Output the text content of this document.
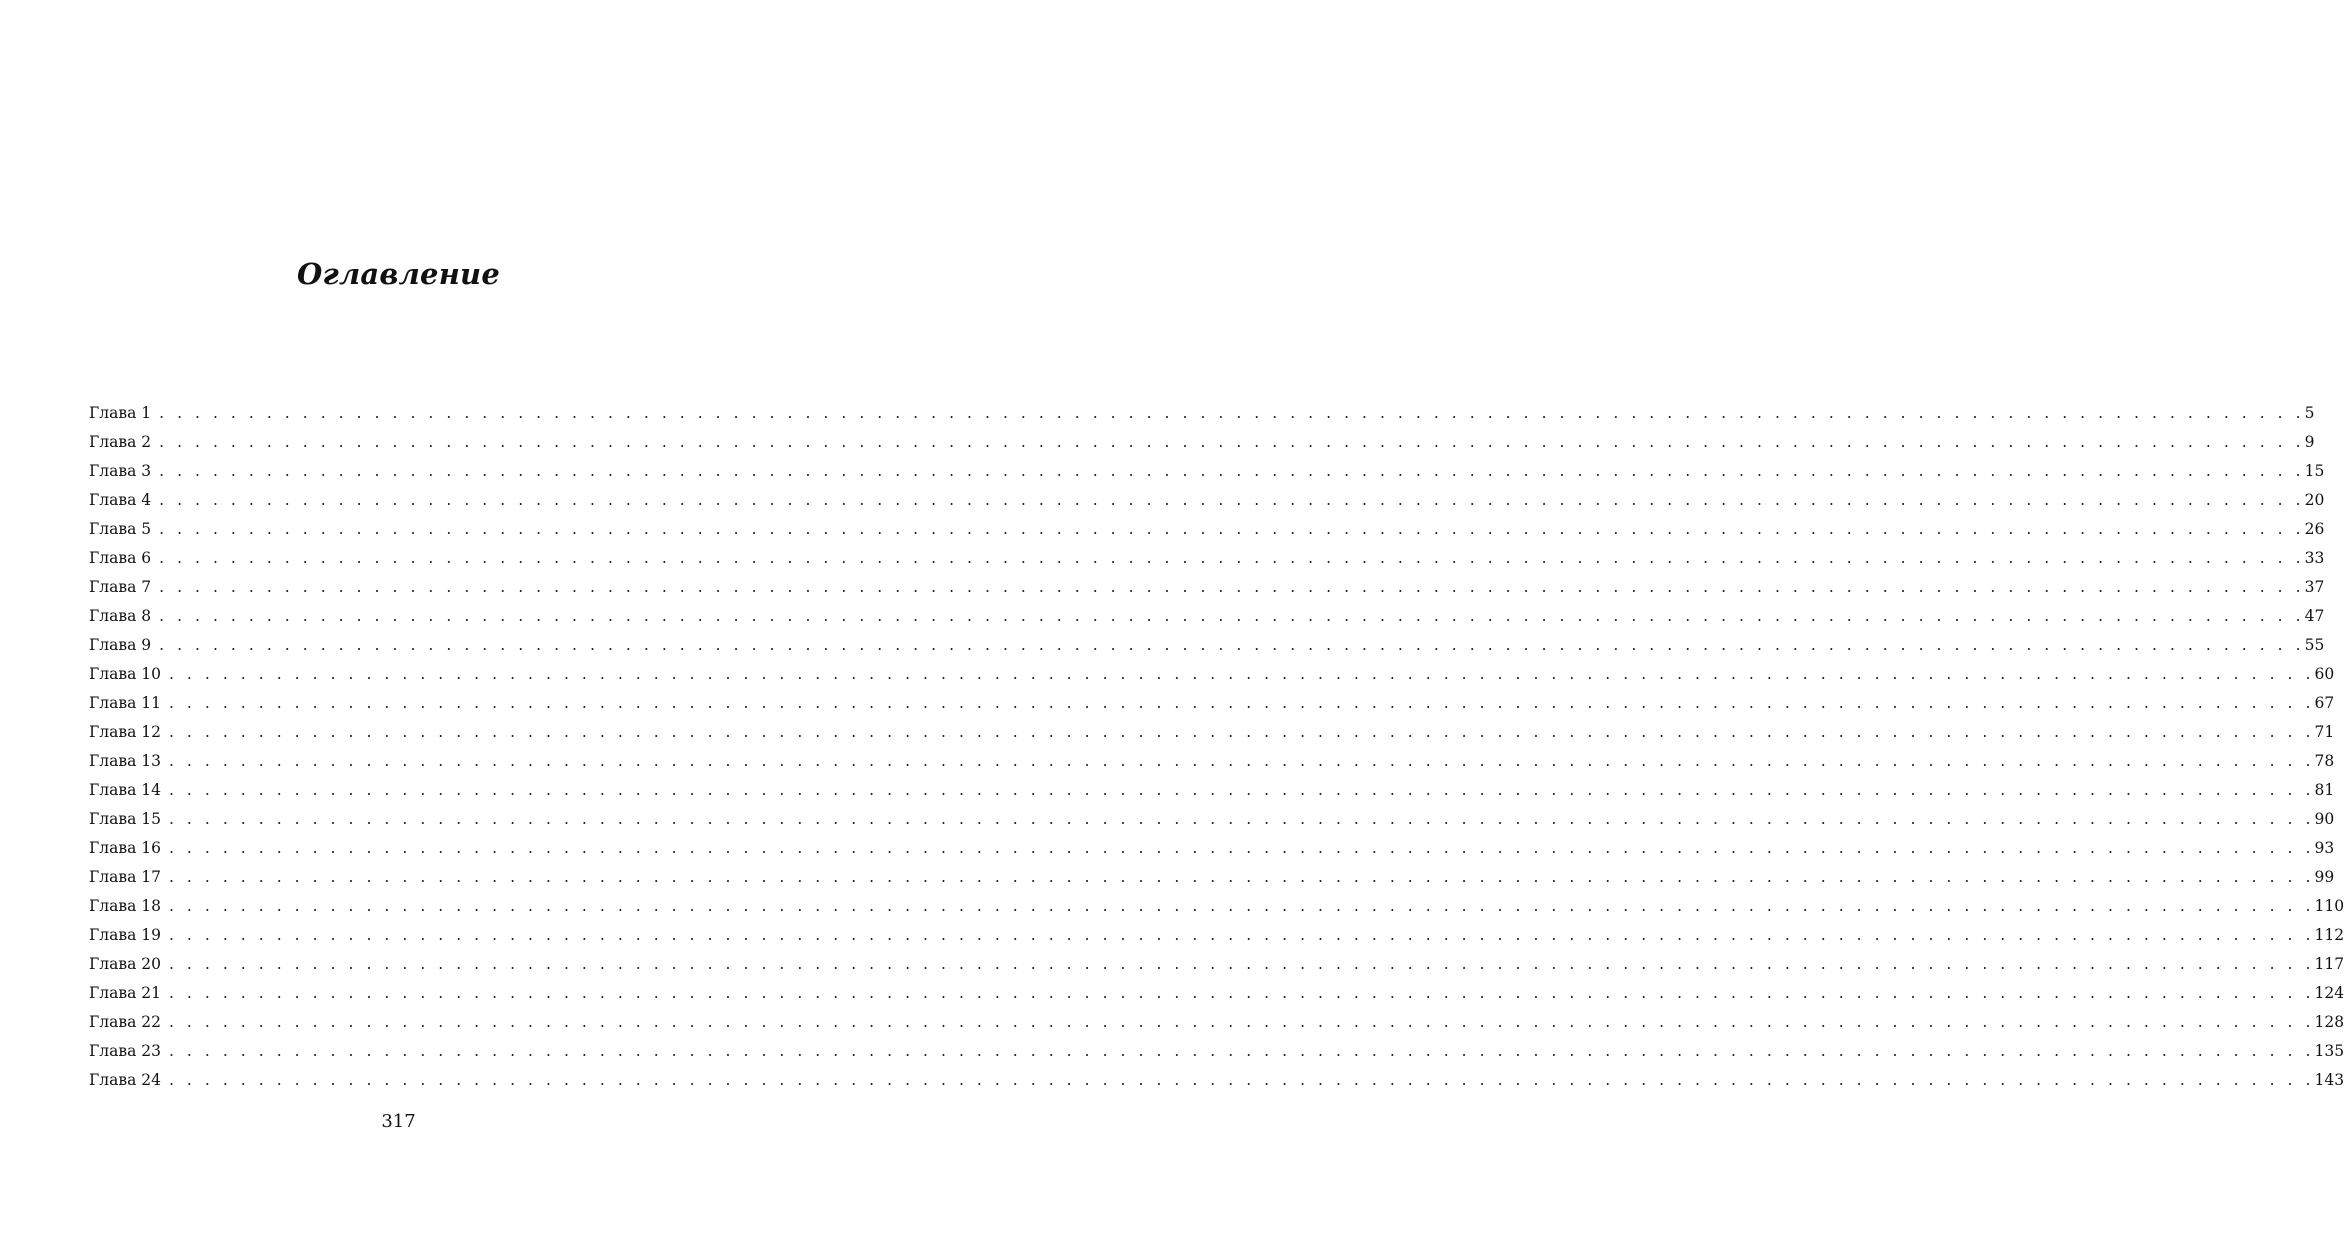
Оглавление
Глава 1 . . . . . . . . . . . . . . . . . . . . . . . . . . . . . . . . . . . . . . . . . . . . . . . . . . . . . . . . . . . . . . . . . . . . . . . . . . . . . . . . . . . . . . . . . . . . . . . . . . . . . . . . . . . . . . . . . . . . . . . . 5
Глава 2 . . . . . . . . . . . . . . . . . . . . . . . . . . . . . . . . . . . . . . . . . . . . . . . . . . . . . . . . . . . . . . . . . . . . . . . . . . . . . . . . . . . . . . . . . . . . . . . . . . . . . . . . . . . . . . . . . . . . . . . . 9
Глава 3 . . . . . . . . . . . . . . . . . . . . . . . . . . . . . . . . . . . . . . . . . . . . . . . . . . . . . . . . . . . . . . . . . . . . . . . . . . . . . . . . . . . . . . . . . . . . . . . . . . . . . . . . . . . . . . . . . . . . . . . . 15
Глава 4 . . . . . . . . . . . . . . . . . . . . . . . . . . . . . . . . . . . . . . . . . . . . . . . . . . . . . . . . . . . . . . . . . . . . . . . . . . . . . . . . . . . . . . . . . . . . . . . . . . . . . . . . . . . . . . . . . . . . . . . . 20
Глава 5 . . . . . . . . . . . . . . . . . . . . . . . . . . . . . . . . . . . . . . . . . . . . . . . . . . . . . . . . . . . . . . . . . . . . . . . . . . . . . . . . . . . . . . . . . . . . . . . . . . . . . . . . . . . . . . . . . . . . . . . . 26
Глава 6 . . . . . . . . . . . . . . . . . . . . . . . . . . . . . . . . . . . . . . . . . . . . . . . . . . . . . . . . . . . . . . . . . . . . . . . . . . . . . . . . . . . . . . . . . . . . . . . . . . . . . . . . . . . . . . . . . . . . . . . . 33
Глава 7 . . . . . . . . . . . . . . . . . . . . . . . . . . . . . . . . . . . . . . . . . . . . . . . . . . . . . . . . . . . . . . . . . . . . . . . . . . . . . . . . . . . . . . . . . . . . . . . . . . . . . . . . . . . . . . . . . . . . . . . . 37
Глава 8 . . . . . . . . . . . . . . . . . . . . . . . . . . . . . . . . . . . . . . . . . . . . . . . . . . . . . . . . . . . . . . . . . . . . . . . . . . . . . . . . . . . . . . . . . . . . . . . . . . . . . . . . . . . . . . . . . . . . . . . . 47
Глава 9 . . . . . . . . . . . . . . . . . . . . . . . . . . . . . . . . . . . . . . . . . . . . . . . . . . . . . . . . . . . . . . . . . . . . . . . . . . . . . . . . . . . . . . . . . . . . . . . . . . . . . . . . . . . . . . . . . . . . . . . . 55
Глава 10 . . . . . . . . . . . . . . . . . . . . . . . . . . . . . . . . . . . . . . . . . . . . . . . . . . . . . . . . . . . . . . . . . . . . . . . . . . . . . . . . . . . . . . . . . . . . . . . . . . . . . . . . . . . . . . . . . . . . . . . . 60
Глава 11 . . . . . . . . . . . . . . . . . . . . . . . . . . . . . . . . . . . . . . . . . . . . . . . . . . . . . . . . . . . . . . . . . . . . . . . . . . . . . . . . . . . . . . . . . . . . . . . . . . . . . . . . . . . . . . . . . . . . . . . . 67
Глава 12 . . . . . . . . . . . . . . . . . . . . . . . . . . . . . . . . . . . . . . . . . . . . . . . . . . . . . . . . . . . . . . . . . . . . . . . . . . . . . . . . . . . . . . . . . . . . . . . . . . . . . . . . . . . . . . . . . . . . . . . . 71
Глава 13 . . . . . . . . . . . . . . . . . . . . . . . . . . . . . . . . . . . . . . . . . . . . . . . . . . . . . . . . . . . . . . . . . . . . . . . . . . . . . . . . . . . . . . . . . . . . . . . . . . . . . . . . . . . . . . . . . . . . . . . . 78
Глава 14 . . . . . . . . . . . . . . . . . . . . . . . . . . . . . . . . . . . . . . . . . . . . . . . . . . . . . . . . . . . . . . . . . . . . . . . . . . . . . . . . . . . . . . . . . . . . . . . . . . . . . . . . . . . . . . . . . . . . . . . . 81
Глава 15 . . . . . . . . . . . . . . . . . . . . . . . . . . . . . . . . . . . . . . . . . . . . . . . . . . . . . . . . . . . . . . . . . . . . . . . . . . . . . . . . . . . . . . . . . . . . . . . . . . . . . . . . . . . . . . . . . . . . . . . . 90
Глава 16 . . . . . . . . . . . . . . . . . . . . . . . . . . . . . . . . . . . . . . . . . . . . . . . . . . . . . . . . . . . . . . . . . . . . . . . . . . . . . . . . . . . . . . . . . . . . . . . . . . . . . . . . . . . . . . . . . . . . . . . . 93
Глава 17 . . . . . . . . . . . . . . . . . . . . . . . . . . . . . . . . . . . . . . . . . . . . . . . . . . . . . . . . . . . . . . . . . . . . . . . . . . . . . . . . . . . . . . . . . . . . . . . . . . . . . . . . . . . . . . . . . . . . . . . . 99
Глава 18 . . . . . . . . . . . . . . . . . . . . . . . . . . . . . . . . . . . . . . . . . . . . . . . . . . . . . . . . . . . . . . . . . . . . . . . . . . . . . . . . . . . . . . . . . . . . . . . . . . . . . . . . . . . . . . . . . . . . . . . . 110
Глава 19 . . . . . . . . . . . . . . . . . . . . . . . . . . . . . . . . . . . . . . . . . . . . . . . . . . . . . . . . . . . . . . . . . . . . . . . . . . . . . . . . . . . . . . . . . . . . . . . . . . . . . . . . . . . . . . . . . . . . . . . . 112
Глава 20 . . . . . . . . . . . . . . . . . . . . . . . . . . . . . . . . . . . . . . . . . . . . . . . . . . . . . . . . . . . . . . . . . . . . . . . . . . . . . . . . . . . . . . . . . . . . . . . . . . . . . . . . . . . . . . . . . . . . . . . . 117
Глава 21 . . . . . . . . . . . . . . . . . . . . . . . . . . . . . . . . . . . . . . . . . . . . . . . . . . . . . . . . . . . . . . . . . . . . . . . . . . . . . . . . . . . . . . . . . . . . . . . . . . . . . . . . . . . . . . . . . . . . . . . . 124
Глава 22 . . . . . . . . . . . . . . . . . . . . . . . . . . . . . . . . . . . . . . . . . . . . . . . . . . . . . . . . . . . . . . . . . . . . . . . . . . . . . . . . . . . . . . . . . . . . . . . . . . . . . . . . . . . . . . . . . . . . . . . . 128
Глава 23 . . . . . . . . . . . . . . . . . . . . . . . . . . . . . . . . . . . . . . . . . . . . . . . . . . . . . . . . . . . . . . . . . . . . . . . . . . . . . . . . . . . . . . . . . . . . . . . . . . . . . . . . . . . . . . . . . . . . . . . . 135
Глава 24 . . . . . . . . . . . . . . . . . . . . . . . . . . . . . . . . . . . . . . . . . . . . . . . . . . . . . . . . . . . . . . . . . . . . . . . . . . . . . . . . . . . . . . . . . . . . . . . . . . . . . . . . . . . . . . . . . . . . . . . . 143
317
